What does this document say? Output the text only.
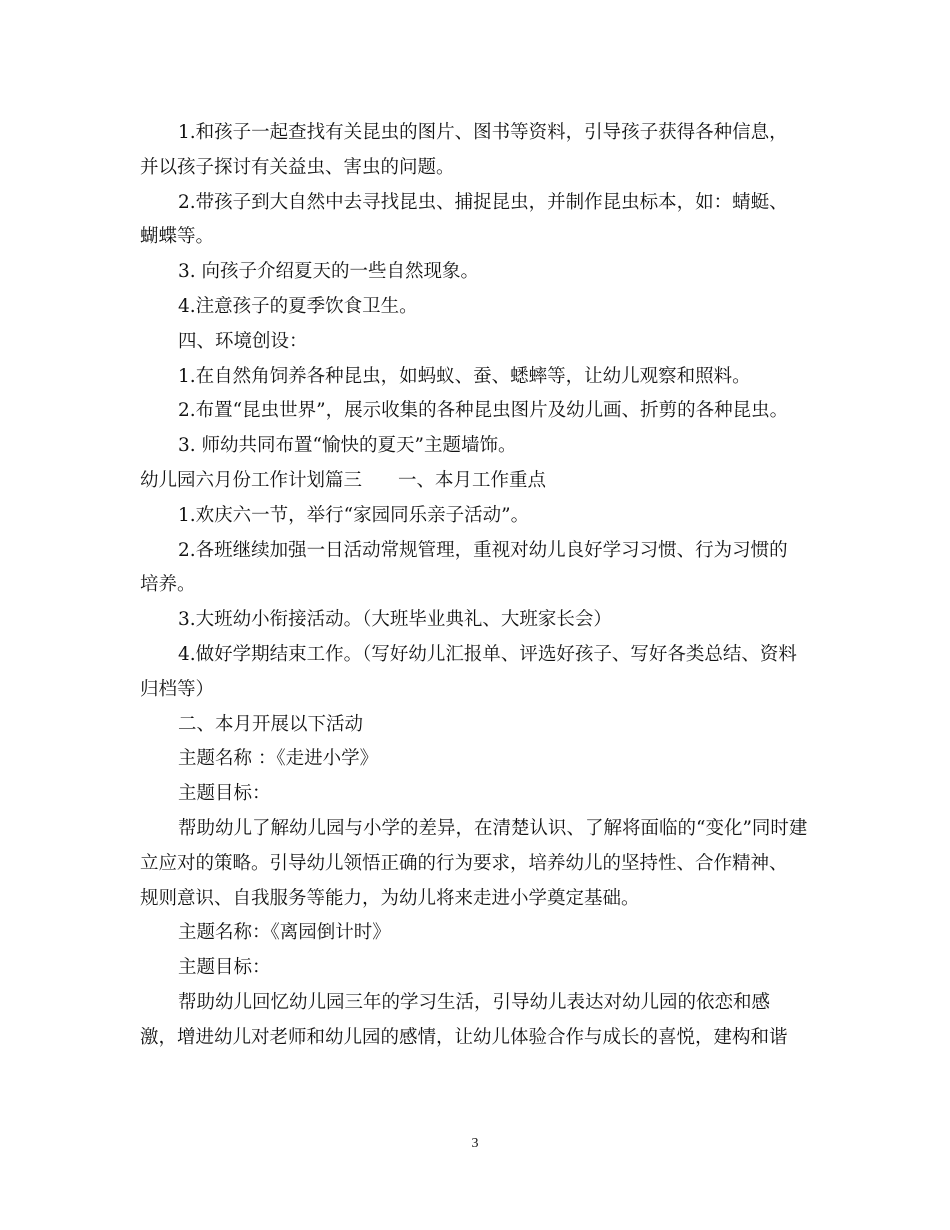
1.和孩子一起查找有关昆虫的图片、图书等资料，引导孩子获得各种信息，
并以孩子探讨有关益虫、害虫的问题。
2.带孩子到大自然中去寻找昆虫、捕捉昆虫，并制作昆虫标本，如：蜻蜓、
蝴蝶等。
3. 向孩子介绍夏天的一些自然现象。
4.注意孩子的夏季饮食卫生。
四、环境创设：
1.在自然角饲养各种昆虫，如蚂蚁、蚕、蟋蟀等，让幼儿观察和照料。
2.布置“昆虫世界”，展示收集的各种昆虫图片及幼儿画、折剪的各种昆虫。
3. 师幼共同布置“愉快的夏天”主题墙饰。
幼儿园六月份工作计划篇三 一、本月工作重点
1.欢庆六一节，举行“家园同乐亲子活动”。
2.各班继续加强一日活动常规管理，重视对幼儿良好学习习惯、行为习惯的
培养。
3.大班幼小衔接活动。（大班毕业典礼、大班家长会）
4.做好学期结束工作。（写好幼儿汇报单、评选好孩子、写好各类总结、资料
归档等）
二、本月开展以下活动
主题名称 ：《走进小学》
主题目标：
帮助幼儿了解幼儿园与小学的差异，在清楚认识、了解将面临的“变化”同时建
立应对的策略。引导幼儿领悟正确的行为要求，培养幼儿的坚持性、合作精神、
规则意识、自我服务等能力，为幼儿将来走进小学奠定基础。
主题名称：《离园倒计时》
主题目标：
帮助幼儿回忆幼儿园三年的学习生活，引导幼儿表达对幼儿园的依恋和感
激，增进幼儿对老师和幼儿园的感情，让幼儿体验合作与成长的喜悦，建构和谐
3
